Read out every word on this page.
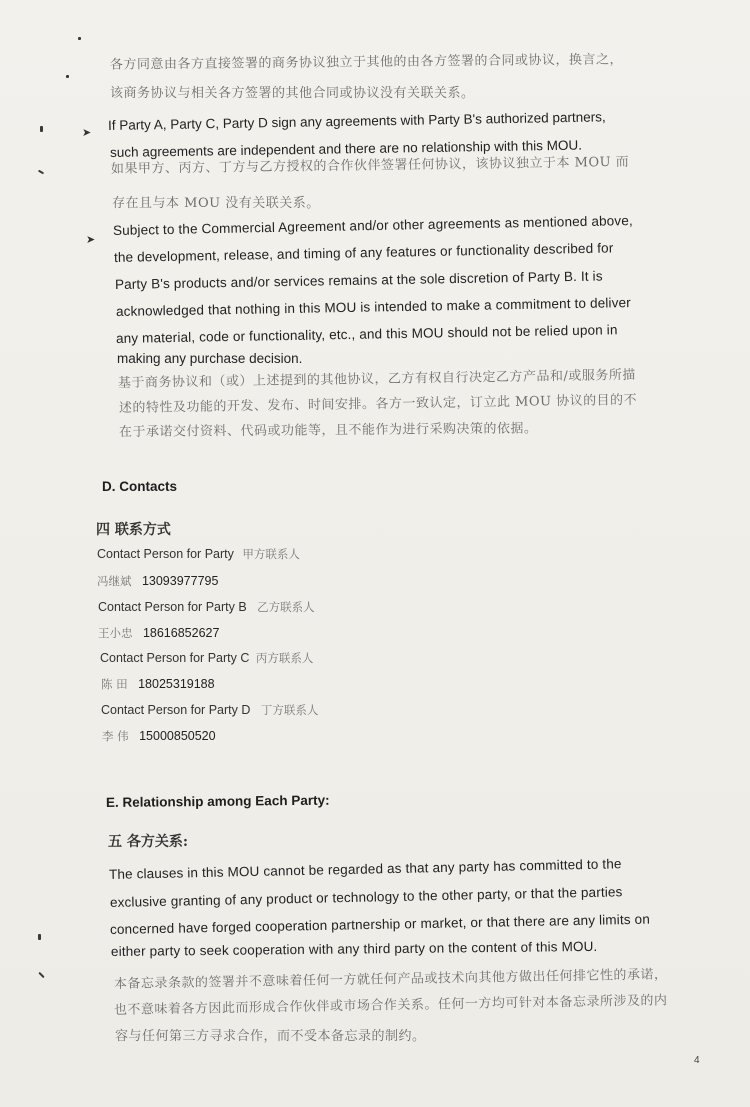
各方同意由各方直接签署的商务协议独立于其他的由各方签署的合同或协议，换言之，
该商务协议与相关各方签署的其他合同或协议没有关联关系。
➤ If Party A, Party C, Party D sign any agreements with Party B's authorized partners,
such agreements are independent and there are no relationship with this MOU.
如果甲方、丙方、丁方与乙方授权的合作伙伴签署任何协议，该协议独立于本 MOU 而
存在且与本 MOU 没有关联关系。
➤
Subject to the Commercial Agreement and/or other agreements as mentioned above,
the development, release, and timing of any features or functionality described for
Party B's products and/or services remains at the sole discretion of Party B. It is
acknowledged that nothing in this MOU is intended to make a commitment to deliver
any material, code or functionality, etc., and this MOU should not be relied upon in
making any purchase decision.
基于商务协议和（或）上述提到的其他协议，乙方有权自行决定乙方产品和/或服务所描
述的特性及功能的开发、发布、时间安排。各方一致认定，订立此 MOU 协议的目的不
在于承诺交付资料、代码或功能等，且不能作为进行采购决策的依据。
D. Contacts
四 联系方式
Contact Person for Party 甲方联系人
冯继斌 13093977795
Contact Person for Party B 乙方联系人
王小忠 18616852627
Contact Person for Party C 丙方联系人
陈 田 18025319188
Contact Person for Party D 丁方联系人
李 伟 15000850520
E. Relationship among Each Party:
五 各方关系:
The clauses in this MOU cannot be regarded as that any party has committed to the
exclusive granting of any product or technology to the other party, or that the parties
concerned have forged cooperation partnership or market, or that there are any limits on
either party to seek cooperation with any third party on the content of this MOU.
本备忘录条款的签署并不意味着任何一方就任何产品或技术向其他方做出任何排它性的承诺，
也不意味着各方因此而形成合作伙伴或市场合作关系。任何一方均可针对本备忘录所涉及的内
容与任何第三方寻求合作，而不受本备忘录的制约。
4
